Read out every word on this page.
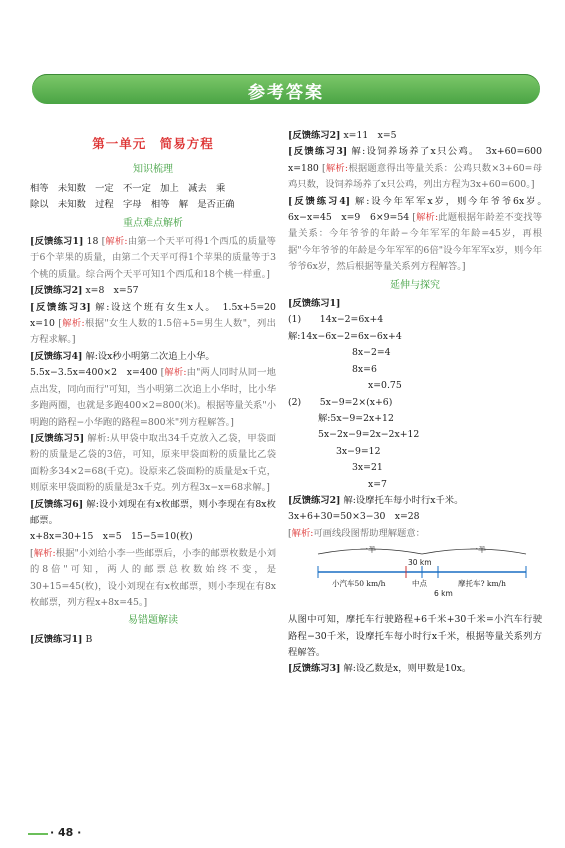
参考答案
第一单元　简易方程
知识梳理

相等　未知数　一定　不一定　加上　减去　乘

除以　未知数　过程　字母　相等　解　是否正确

重点难点解析

[反馈练习1] 18 [解析:由第一个天平可得1个西瓜的质量等于6个苹果的质量，由第二个天平可得1个苹果的质量等于3个桃的质量。综合两个天平可知1个西瓜和18个桃一样重。]

[反馈练习2] x=8　x=57

[反馈练习3] 解:设这个班有女生x人。　1.5x+5=20　x=10 [解析:根据"女生人数的1.5倍+5=男生人数"，列出方程求解。]

[反馈练习4] 解:设x秒小明第二次追上小华。
5.5x−3.5x=400×2　x=400 [解析:由"两人同时从同一地点出发，同向而行"可知，当小明第二次追上小华时，比小华多跑两圈，也就是多跑400×2=800(米)。根据等量关系"小明跑的路程−小华跑的路程=800米"列方程解答。]

[反馈练习5] 解析:从甲袋中取出34千克放入乙袋，甲袋面粉的质量是乙袋的3倍，可知，原来甲袋面粉的质量比乙袋面粉多34×2=68(千克)。设原来乙袋面粉的质量是x千克，则原来甲袋面粉的质量是3x千克。列方程3x−x=68求解。]

[反馈练习6] 解:设小刘现在有x枚邮票，则小李现在有8x枚邮票。
x+8x=30+15　x=5　15−5=10(枚)
[解析:根据"小刘给小李一些邮票后，小李的邮票枚数是小刘的8倍"可知，两人的邮票总枚数始终不变，是30+15=45(枚)，设小刘现在有x枚邮票，则小李现在有8x枚邮票，列方程x+8x=45。]

易错题解读

[反馈练习1] B

[反馈练习2] x=11　x=5

[反馈练习3] 解:设饲养场养了x只公鸡。　3x+60=600　x=180 [解析:根据题意得出等量关系：公鸡只数×3+60=母鸡只数，设饲养场养了x只公鸡，列出方程为3x+60=600。]

[反馈练习4] 解:设今年军军x岁，则今年爷爷6x岁。　6x−x=45　x=9　6×9=54 [解析:此题根据年龄差不变找等量关系：今年爷爷的年龄−今年军军的年龄=45岁，再根据"今年爷爷的年龄是今年军军的6倍"设今年军军x岁，则今年爷爷6x岁，然后根据等量关系列方程解答。]

延伸与探究

[反馈练习1]

(1)　　14x−2=6x+4

解:14x−6x−2=6x−6x+4

8x−2=4

8x=6

x=0.75

(2)　　5x−9=2×(x+6)

解:5x−9=2x+12

5x−2x−9=2x−2x+12

3x−9=12

3x=21

x=7

[反馈练习2] 解:设摩托车每小时行x千米。
3x+6+30=50×3−30　x=28
[解析:可画线段图帮助理解题意：

一半	一半
30 km
小汽车50 km/h	中点
6 km
摩托车? km/h

从图中可知，摩托车行驶路程+6千米+30千米=小汽车行驶路程−30千米，设摩托车每小时行x千米，根据等量关系列方程解答。

[反馈练习3] 解:设乙数是x，则甲数是10x。

· 48 ·
